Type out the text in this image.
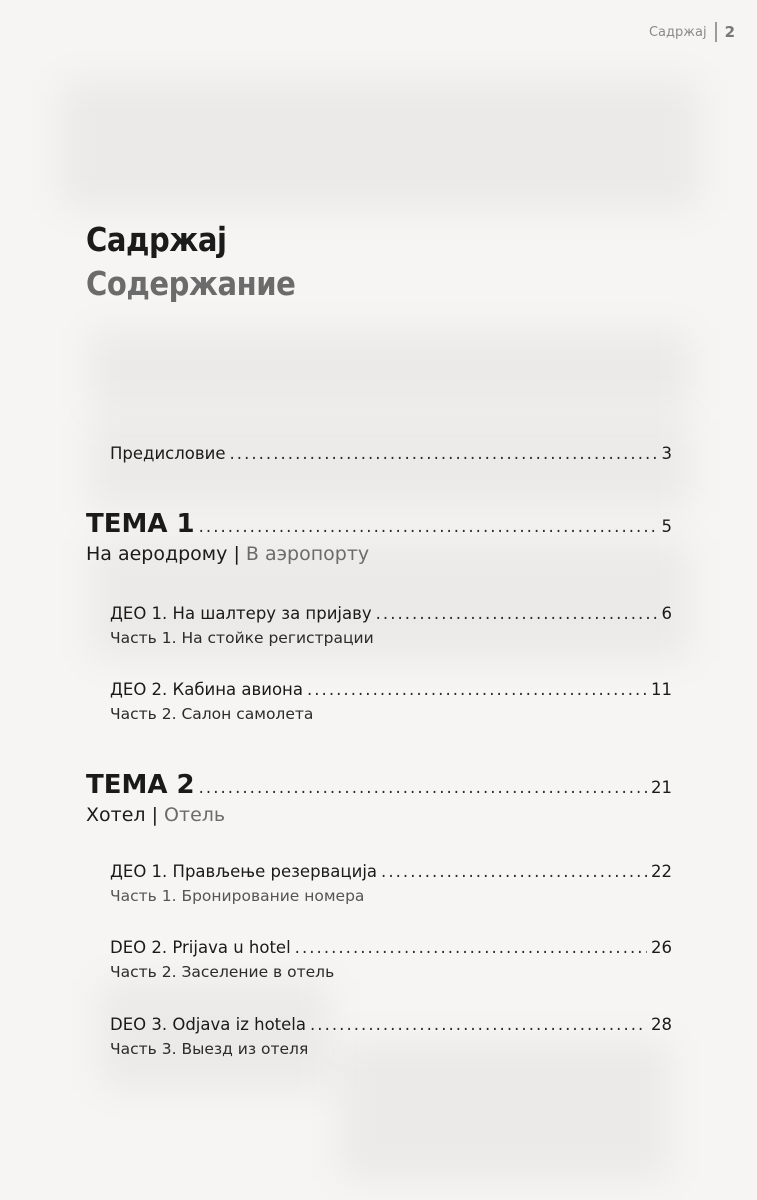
Садржај 2
Садржај
Содержание
Предисловие . . .	3
ТЕМА 1 . . .	5
На аеродрому | В аэропорту
ДЕО 1. На шалтеру за пријаву . . .	6
Часть 1. На стойке регистрации
ДЕО 2. Кабина авиона . . .	11
Часть 2. Салон самолета
ТЕМА 2 . . .	21
Хотел | Отель
ДЕО 1. Прављење резервација . . .	22
Часть 1. Бронирование номера
DEO 2. Prijava u hotel . . .	26
Часть 2. Заселение в отель
DEO 3. Odjava iz hotela . . .	28
Часть 3. Выезд из отеля
